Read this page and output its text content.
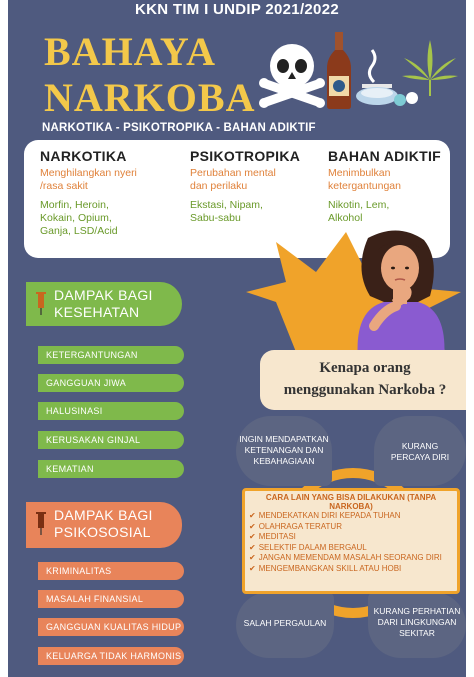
KKN TIM I UNDIP 2021/2022
BAHAYA
NARKOBA
NARKOTIKA - PSIKOTROPIKA - BAHAN ADIKTIF
NARKOTIKA
Menghilangkan nyeri
/rasa sakit
Morfin, Heroin,
Kokain, Opium,
Ganja, LSD/Acid
PSIKOTROPIKA
Perubahan mental
dan perilaku
Ekstasi, Nipam,
Sabu-sabu
BAHAN ADIKTIF
Menimbulkan
ketergantungan
Nikotin, Lem,
Alkohol
DAMPAK BAGI
KESEHATAN
KETERGANTUNGAN
GANGGUAN JIWA
HALUSINASI
KERUSAKAN GINJAL
KEMATIAN
DAMPAK BAGI
PSIKOSOSIAL
KRIMINALITAS
MASALAH FINANSIAL
GANGGUAN KUALITAS HIDUP
KELUARGA TIDAK HARMONIS
Kenapa orang
menggunakan Narkoba ?
INGIN MENDAPATKAN
KETENANGAN DAN
KEBAHAGIAAN
KURANG
PERCAYA DIRI
SALAH PERGAULAN
KURANG PERHATIAN
DARI LINGKUNGAN
SEKITAR
CARA LAIN YANG BISA DILAKUKAN (TANPA NARKOBA)
✔ MENDEKATKAN DIRI KEPADA TUHAN
✔ OLAHRAGA TERATUR
✔ MEDITASI
✔ SELEKTIF DALAM BERGAUL
✔ JANGAN MEMENDAM MASALAH SEORANG DIRI
✔ MENGEMBANGKAN SKILL ATAU HOBI
